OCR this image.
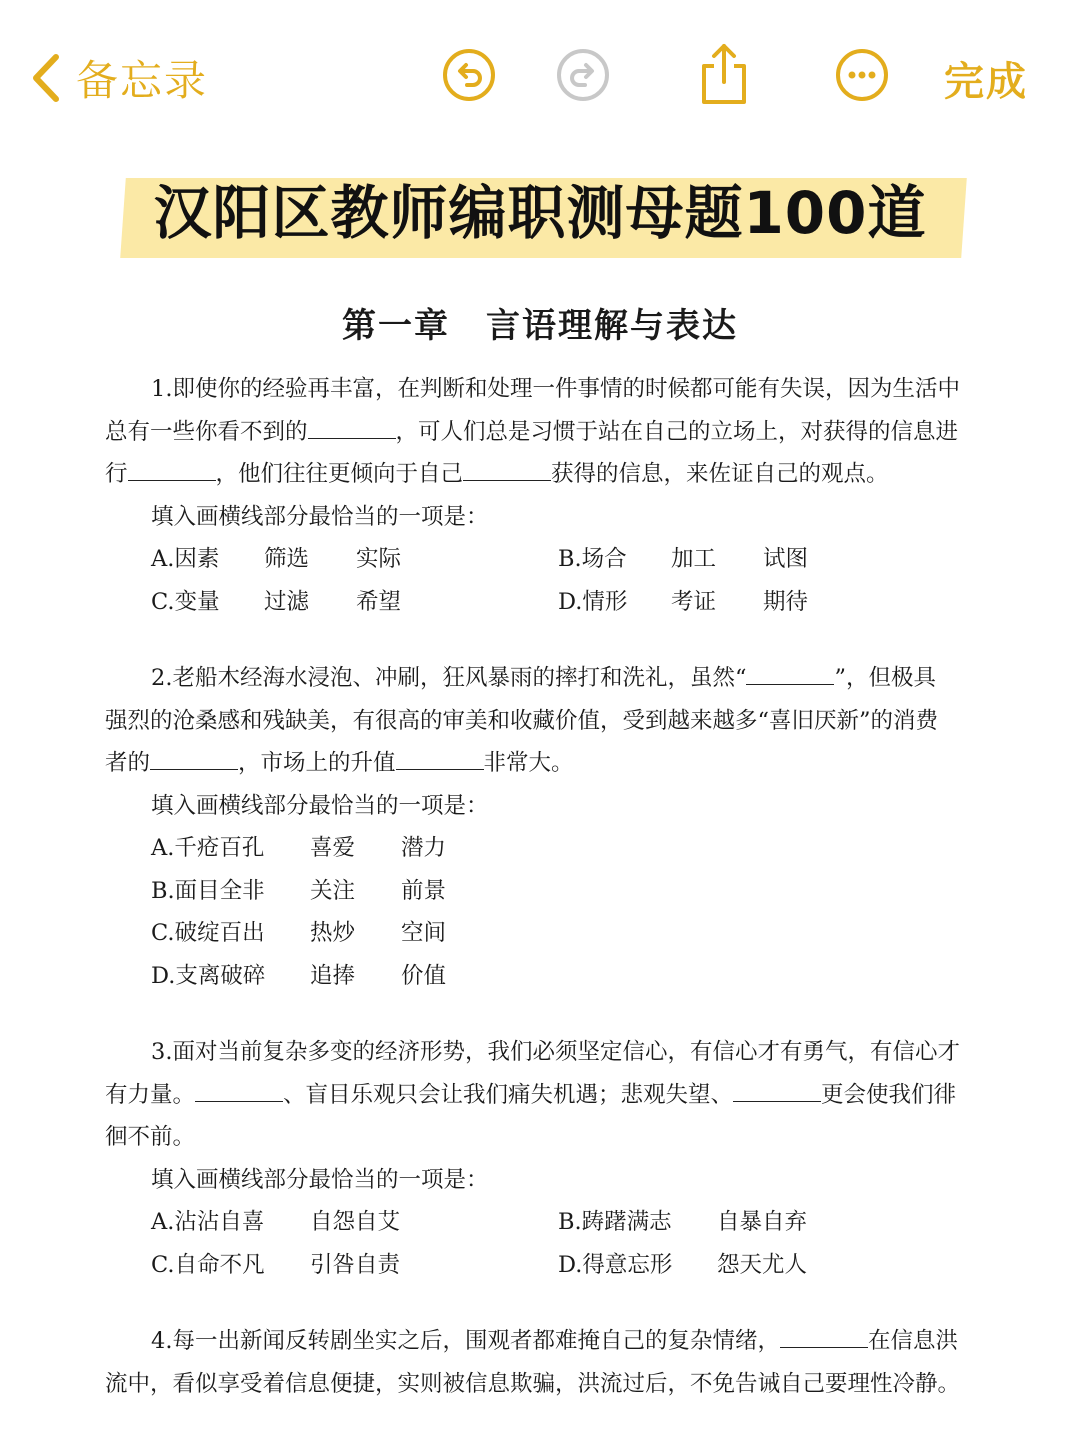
备忘录	完成
汉阳区教师编职测母题100道
第一章 言语理解与表达

1.即使你的经验再丰富，在判断和处理一件事情的时候都可能有失误，因为生活中

总有一些你看不到的	，可人们总是习惯于站在自己的立场上，对获得的信息进

行	，他们往往更倾向于自己	获得的信息，来佐证自己的观点。

填入画横线部分最恰当的一项是：

A.因素	筛选	实际	B.场合	加工	试图
C.变量	过滤	希望	D.情形	考证	期待

2.老船木经海水浸泡、冲刷，狂风暴雨的摔打和洗礼，虽然“	”，但极具

强烈的沧桑感和残缺美，有很高的审美和收藏价值，受到越来越多“喜旧厌新”的消费

者的	，市场上的升值	非常大。

填入画横线部分最恰当的一项是：

A.千疮百孔	喜爱	潜力
B.面目全非	关注	前景
C.破绽百出	热炒	空间
D.支离破碎	追捧	价值

3.面对当前复杂多变的经济形势，我们必须坚定信心，有信心才有勇气，有信心才

有力量。	、盲目乐观只会让我们痛失机遇；悲观失望、	更会使我们徘

徊不前。

填入画横线部分最恰当的一项是：

A.沾沾自喜	自怨自艾	B.踌躇满志	自暴自弃
C.自命不凡	引咎自责	D.得意忘形	怨天尤人

4.每一出新闻反转剧坐实之后，围观者都难掩自己的复杂情绪，	在信息洪

流中，看似享受着信息便捷，实则被信息欺骗，洪流过后，不免告诫自己要理性冷静。
